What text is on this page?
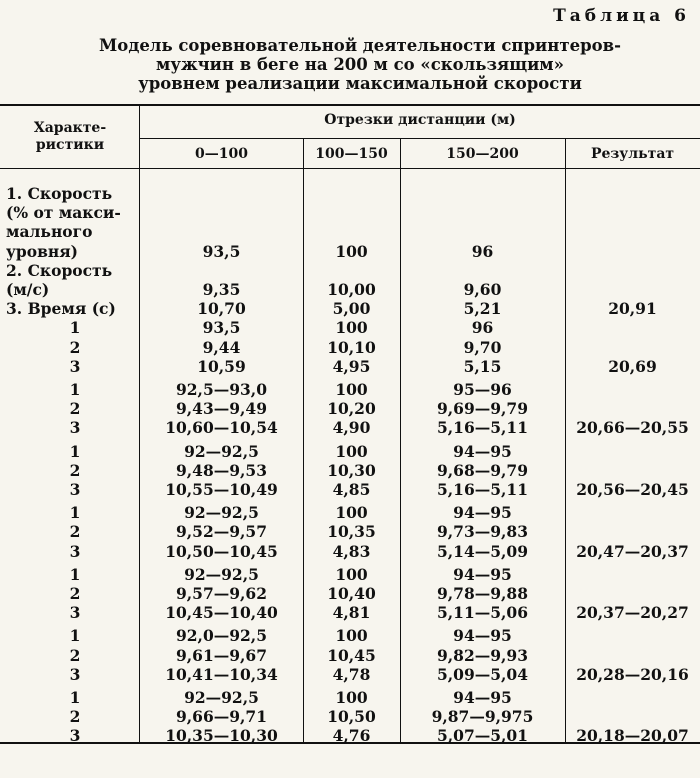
Таблица 6
Модель соревновательной деятельности спринтеров-
мужчин в беге на 200 м со «скользящим»
уровнем реализации максимальной скорости
Характе-
ристики
Отрезки дистанции (м)
0—100	100—150	150—200	Результат
1. Скорость
(% от макси-
мального
уровня)	93,5	100	96
2. Скорость
(м/с)	9,35	10,00	9,60
3. Время (с)	10,70	5,00	5,21	20,91
1	93,5	100	96
2	9,44	10,10	9,70
3	10,59	4,95	5,15	20,69
1	92,5—93,0	100	95—96
2	9,43—9,49	10,20	9,69—9,79
3	10,60—10,54	4,90	5,16—5,11	20,66—20,55
1	92—92,5	100	94—95
2	9,48—9,53	10,30	9,68—9,79
3	10,55—10,49	4,85	5,16—5,11	20,56—20,45
1	92—92,5	100	94—95
2	9,52—9,57	10,35	9,73—9,83
3	10,50—10,45	4,83	5,14—5,09	20,47—20,37
1	92—92,5	100	94—95
2	9,57—9,62	10,40	9,78—9,88
3	10,45—10,40	4,81	5,11—5,06	20,37—20,27
1	92,0—92,5	100	94—95
2	9,61—9,67	10,45	9,82—9,93
3	10,41—10,34	4,78	5,09—5,04	20,28—20,16
1	92—92,5	100	94—95
2	9,66—9,71	10,50	9,87—9,975
3	10,35—10,30	4,76	5,07—5,01	20,18—20,07
